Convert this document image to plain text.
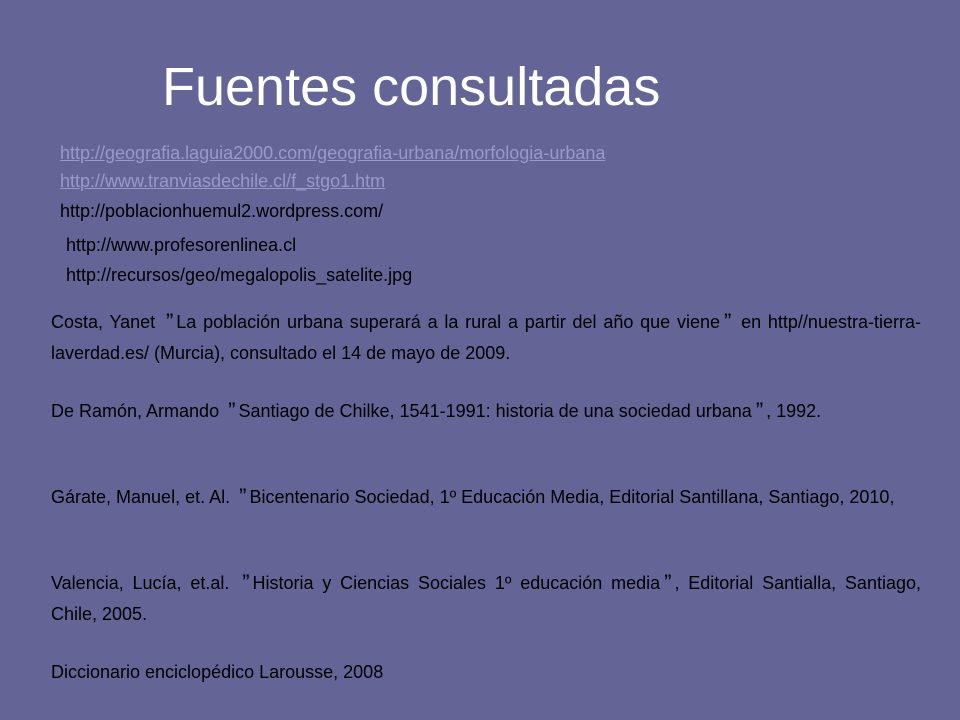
Fuentes consultadas
http://geografia.laguia2000.com/geografia-urbana/morfologia-urbana
http://www.tranviasdechile.cl/f_stgo1.htm
http://poblacionhuemul2.wordpress.com/
http://www.profesorenlinea.cl
http://recursos/geo/megalopolis_satelite.jpg
Costa, Yanet ” La población urbana superará a la rural a partir del año que viene ” en http//nuestra-tierra-laverdad.es/ (Murcia), consultado el 14 de mayo de 2009.
De Ramón, Armando ” Santiago de Chilke, 1541-1991: historia de una sociedad urbana ” , 1992.
Gárate, Manuel, et. Al. ” Bicentenario Sociedad, 1º Educación Media, Editorial Santillana, Santiago, 2010,
Valencia, Lucía, et.al. ” Historia y Ciencias Sociales 1º educación media ” , Editorial Santialla, Santiago, Chile, 2005.
Diccionario enciclopédico Larousse, 2008
